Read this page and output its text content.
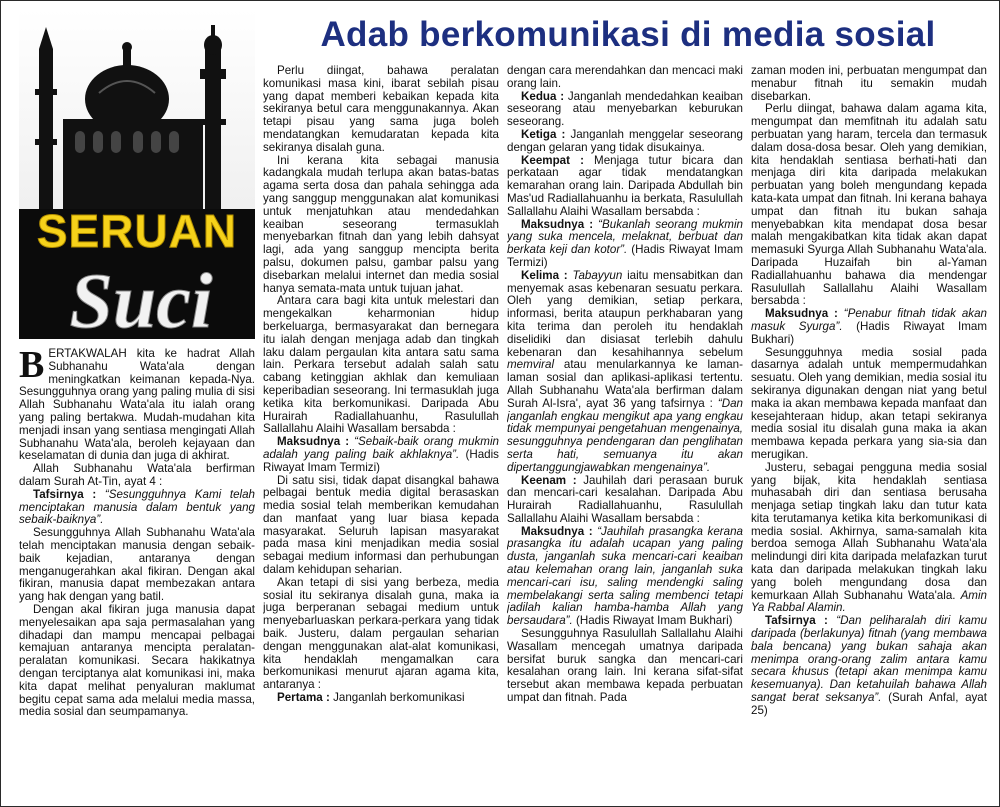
Adab berkomunikasi di media sosial
SERUAN
Suci

BERTAKWALAH kita ke hadrat Allah Subhanahu Wata'ala dengan meningkatkan keimanan kepada-Nya. Sesungguhnya orang yang paling mulia di sisi Allah Subhanahu Wata'ala itu ialah orang yang paling bertakwa. Mudah-mudahan kita menjadi insan yang sentiasa mengingati Allah Subhanahu Wata'ala, beroleh kejayaan dan keselamatan di dunia dan juga di akhirat.

Allah Subhanahu Wata'ala berfirman dalam Surah At-Tin, ayat 4 :

Tafsirnya : “Sesungguhnya Kami telah menciptakan manusia dalam bentuk yang sebaik-baiknya”.

Sesungguhnya Allah Subhanahu Wata'ala telah menciptakan manusia dengan sebaik-baik kejadian, antaranya dengan menganugerahkan akal fikiran. Dengan akal fikiran, manusia dapat membezakan antara yang hak dengan yang batil.

Dengan akal fikiran juga manusia dapat menyelesaikan apa saja permasalahan yang dihadapi dan mampu mencapai pelbagai kemajuan antaranya mencipta peralatan-peralatan komunikasi. Secara hakikatnya dengan terciptanya alat komunikasi ini, maka kita dapat melihat penyaluran maklumat begitu cepat sama ada melalui media massa, media sosial dan seumpamanya.

Perlu diingat, bahawa peralatan komunikasi masa kini, ibarat sebilah pisau yang dapat memberi kebaikan kepada kita sekiranya betul cara menggunakannya. Akan tetapi pisau yang sama juga boleh mendatangkan kemudaratan kepada kita sekiranya disalah guna.

Ini kerana kita sebagai manusia kadangkala mudah terlupa akan batas-batas agama serta dosa dan pahala sehingga ada yang sanggup menggunakan alat komunikasi untuk menjatuhkan atau mendedahkan keaiban seseorang termasuklah menyebarkan fitnah dan yang lebih dahsyat lagi, ada yang sanggup mencipta berita palsu, dokumen palsu, gambar palsu yang disebarkan melalui internet dan media sosial hanya semata-mata untuk tujuan jahat.

Antara cara bagi kita untuk melestari dan mengekalkan keharmonian hidup berkeluarga, bermasyarakat dan bernegara itu ialah dengan menjaga adab dan tingkah laku dalam pergaulan kita antara satu sama lain. Perkara tersebut adalah salah satu cabang ketinggian akhlak dan kemuliaan keperibadian seseorang. Ini termasuklah juga ketika kita berkomunikasi. Daripada Abu Hurairah Radiallahuanhu, Rasulullah Sallallahu Alaihi Wasallam bersabda :

Maksudnya : “Sebaik-baik orang mukmin adalah yang paling baik akhlaknya”. (Hadis Riwayat Imam Termizi)

Di satu sisi, tidak dapat disangkal bahawa pelbagai bentuk media digital berasaskan media sosial telah memberikan kemudahan dan manfaat yang luar biasa kepada masyarakat. Seluruh lapisan masyarakat pada masa kini menjadikan media sosial sebagai medium informasi dan perhubungan dalam kehidupan seharian.

Akan tetapi di sisi yang berbeza, media sosial itu sekiranya disalah guna, maka ia juga berperanan sebagai medium untuk menyebarluaskan perkara-perkara yang tidak baik. Justeru, dalam pergaulan seharian dengan menggunakan alat-alat komunikasi, kita hendaklah mengamalkan cara berkomunikasi menurut ajaran agama kita, antaranya :

Pertama : Janganlah berkomunikasi

dengan cara merendahkan dan mencaci maki orang lain.

Kedua : Janganlah mendedahkan keaiban seseorang atau menyebarkan keburukan seseorang.

Ketiga : Janganlah menggelar seseorang dengan gelaran yang tidak disukainya.

Keempat : Menjaga tutur bicara dan perkataan agar tidak mendatangkan kemarahan orang lain. Daripada Abdullah bin Mas'ud Radiallahuanhu ia berkata, Rasulullah Sallallahu Alaihi Wasallam bersabda :

Maksudnya : “Bukanlah seorang mukmin yang suka mencela, melaknat, berbuat dan berkata keji dan kotor”. (Hadis Riwayat Imam Termizi)

Kelima : Tabayyun iaitu mensabitkan dan menyemak asas kebenaran sesuatu perkara. Oleh yang demikian, setiap perkara, informasi, berita ataupun perkhabaran yang kita terima dan peroleh itu hendaklah diselidiki dan disiasat terlebih dahulu kebenaran dan kesahihannya sebelum memviral atau menularkannya ke laman-laman sosial dan aplikasi-aplikasi tertentu. Allah Subhanahu Wata'ala berfirman dalam Surah Al-Isra', ayat 36 yang tafsirnya : “Dan janganlah engkau mengikut apa yang engkau tidak mempunyai pengetahuan mengenainya, sesungguhnya pendengaran dan penglihatan serta hati, semuanya itu akan dipertanggungjawabkan mengenainya”.

Keenam : Jauhilah dari perasaan buruk dan mencari-cari kesalahan. Daripada Abu Hurairah Radiallahuanhu, Rasulullah Sallallahu Alaihi Wasallam bersabda :

Maksudnya : “Jauhilah prasangka kerana prasangka itu adalah ucapan yang paling dusta, janganlah suka mencari-cari keaiban atau kelemahan orang lain, janganlah suka mencari-cari isu, saling mendengki saling membelakangi serta saling membenci tetapi jadilah kalian hamba-hamba Allah yang bersaudara”. (Hadis Riwayat Imam Bukhari)

Sesungguhnya Rasulullah Sallallahu Alaihi Wasallam mencegah umatnya daripada bersifat buruk sangka dan mencari-cari kesalahan orang lain. Ini kerana sifat-sifat tersebut akan membawa kepada perbuatan umpat dan fitnah. Pada

zaman moden ini, perbuatan mengumpat dan menabur fitnah itu semakin mudah disebarkan.

Perlu diingat, bahawa dalam agama kita, mengumpat dan memfitnah itu adalah satu perbuatan yang haram, tercela dan termasuk dalam dosa-dosa besar. Oleh yang demikian, kita hendaklah sentiasa berhati-hati dan menjaga diri kita daripada melakukan perbuatan yang boleh mengundang kepada kata-kata umpat dan fitnah. Ini kerana bahaya umpat dan fitnah itu bukan sahaja menyebabkan kita mendapat dosa besar malah mengakibatkan kita tidak akan dapat memasuki Syurga Allah Subhanahu Wata'ala. Daripada Huzaifah bin al-Yaman Radiallahuanhu bahawa dia mendengar Rasulullah Sallallahu Alaihi Wasallam bersabda :

Maksudnya : “Penabur fitnah tidak akan masuk Syurga”. (Hadis Riwayat Imam Bukhari)

Sesungguhnya media sosial pada dasarnya adalah untuk mempermudahkan sesuatu. Oleh yang demikian, media sosial itu sekiranya digunakan dengan niat yang betul maka ia akan membawa kepada manfaat dan kesejahteraan hidup, akan tetapi sekiranya media sosial itu disalah guna maka ia akan membawa kepada perkara yang sia-sia dan merugikan.

Justeru, sebagai pengguna media sosial yang bijak, kita hendaklah sentiasa muhasabah diri dan sentiasa berusaha menjaga setiap tingkah laku dan tutur kata kita terutamanya ketika kita berkomunikasi di media sosial. Akhirnya, sama-samalah kita berdoa semoga Allah Subhanahu Wata'ala melindungi diri kita daripada melafazkan turut kata dan daripada melakukan tingkah laku yang boleh mengundang dosa dan kemurkaan Allah Subhanahu Wata'ala. Amin Ya Rabbal Alamin.

Tafsirnya : “Dan peliharalah diri kamu daripada (berlakunya) fitnah (yang membawa bala bencana) yang bukan sahaja akan menimpa orang-orang zalim antara kamu secara khusus (tetapi akan menimpa kamu kesemuanya). Dan ketahuilah bahawa Allah sangat berat seksanya”. (Surah Anfal, ayat 25)
